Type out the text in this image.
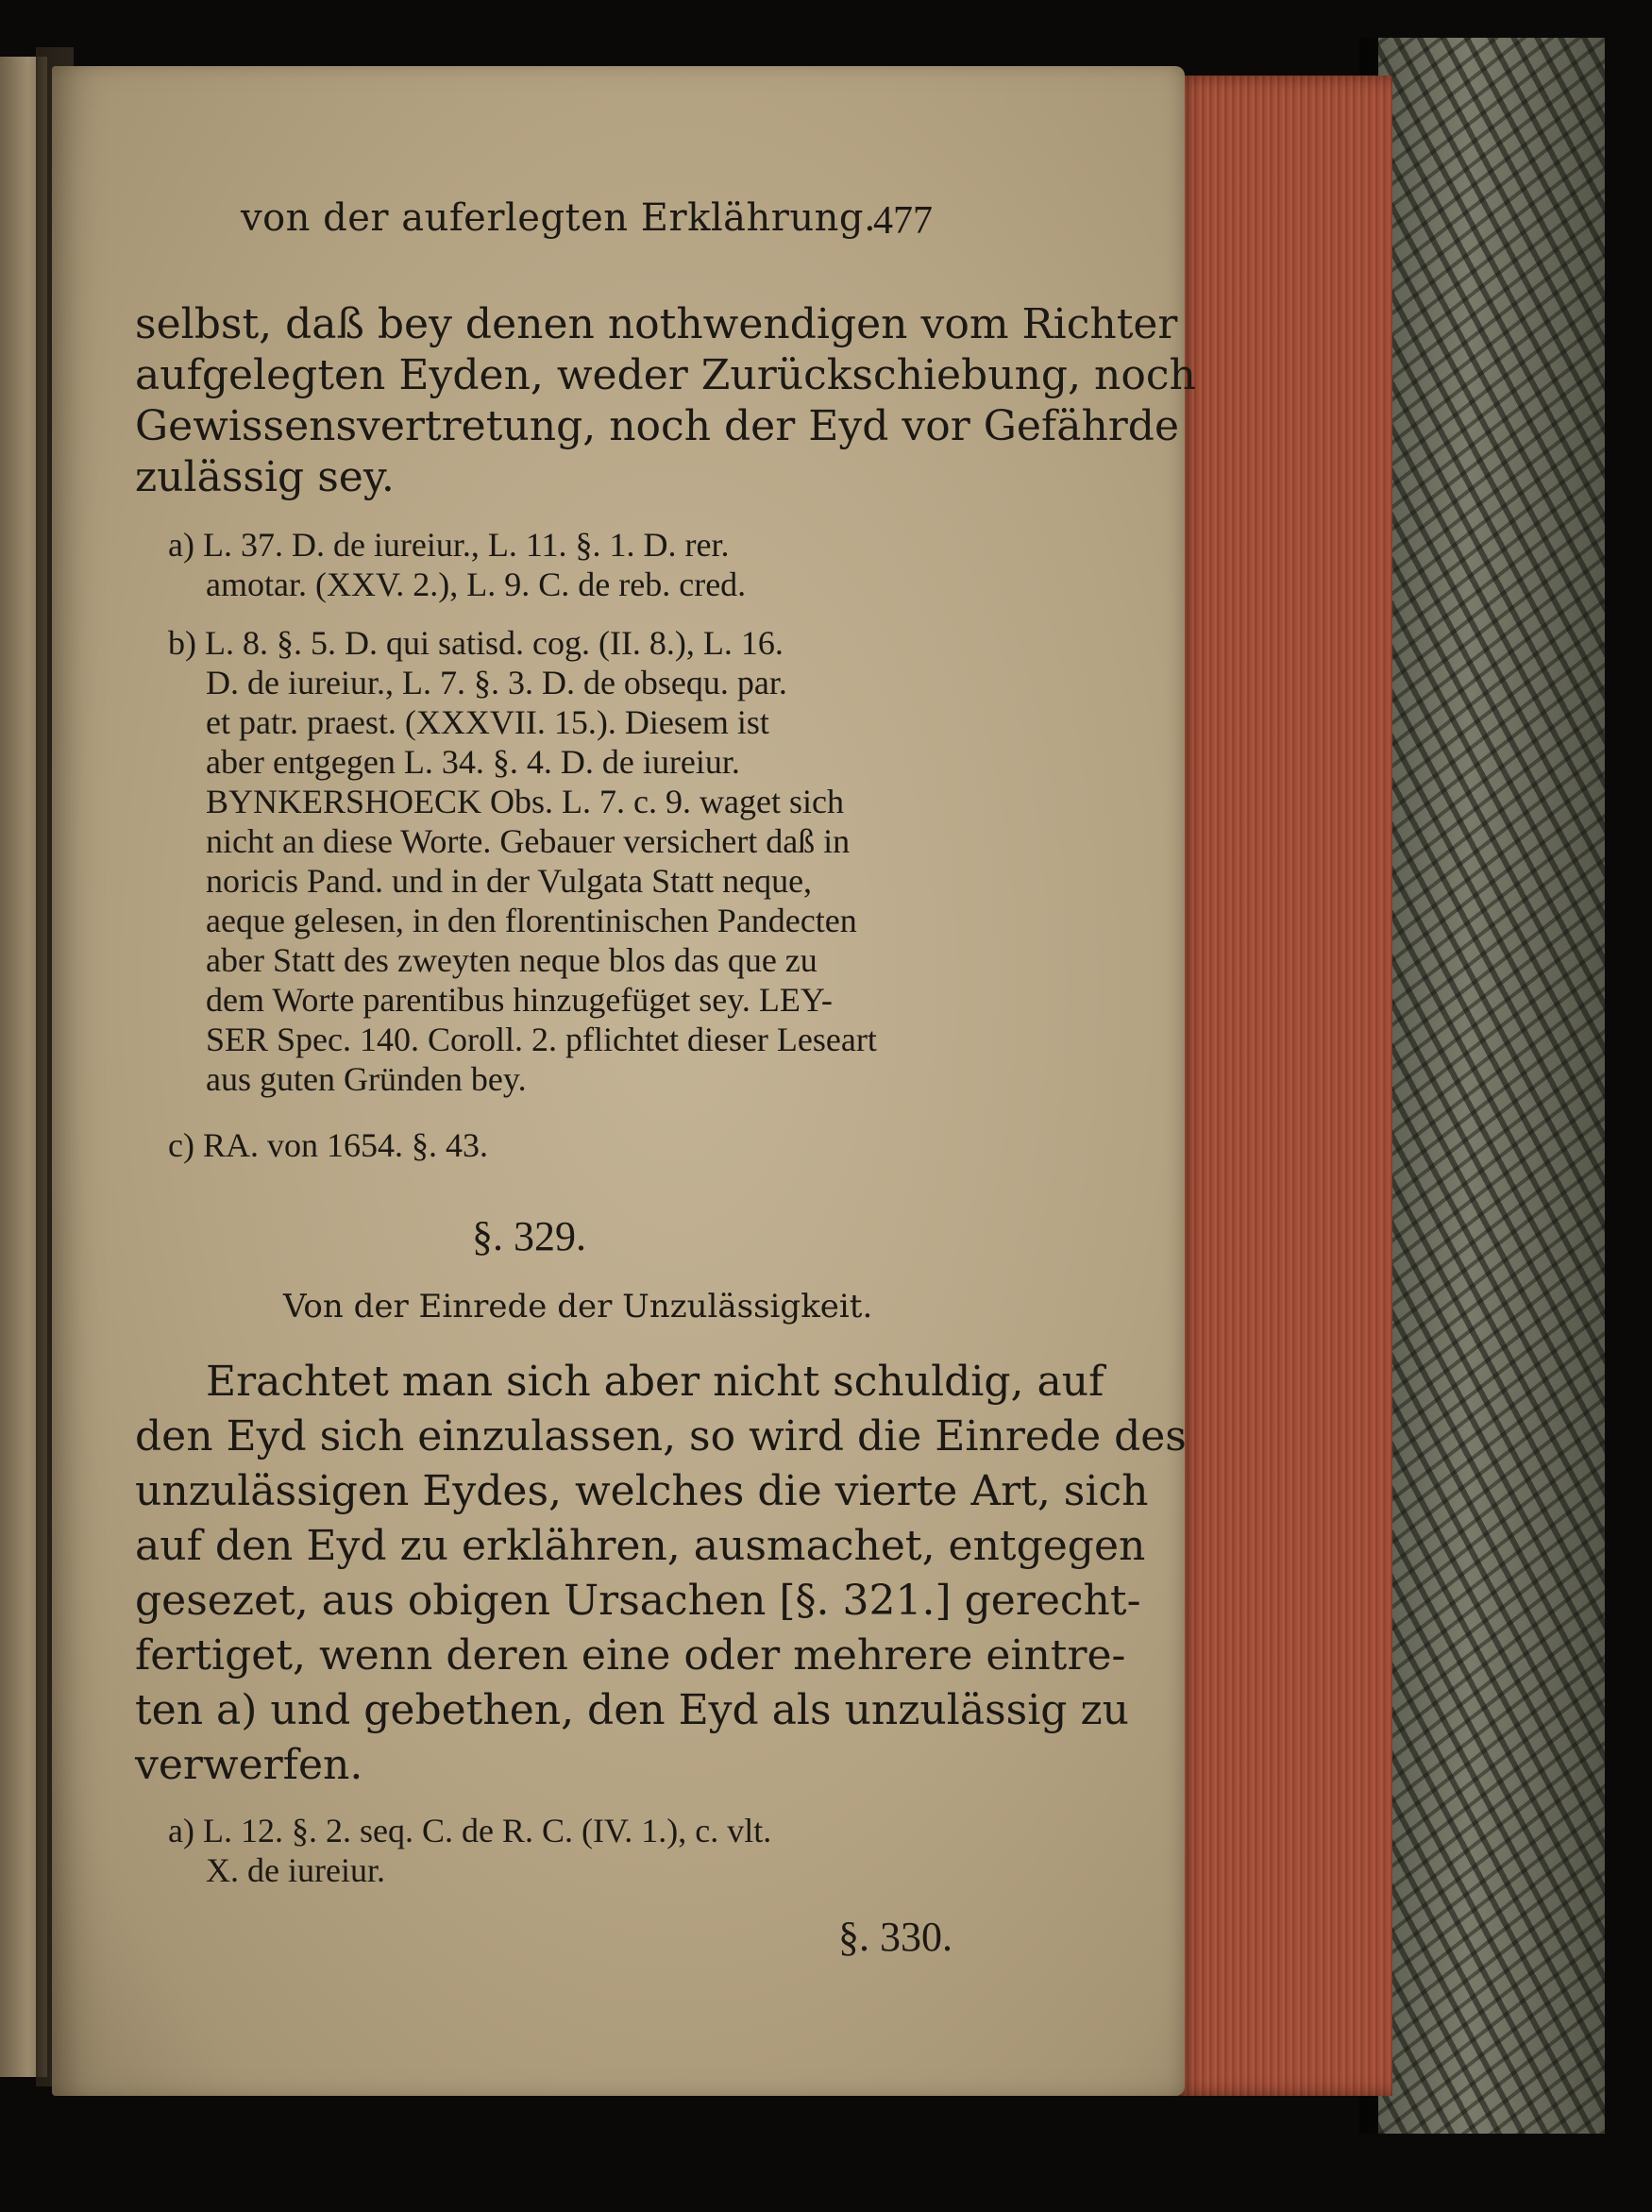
von der auferlegten Erklährung.
477
selbst, daß bey denen nothwendigen vom Richter
aufgelegten Eyden, weder Zurückschiebung, noch
Gewissensvertretung, noch der Eyd vor Gefährde
zulässig sey.
a) L. 37. D. de iureiur., L. 11. §. 1. D. rer.
amotar. (XXV. 2.), L. 9. C. de reb. cred.
b) L. 8. §. 5. D. qui satisd. cog. (II. 8.), L. 16.
D. de iureiur., L. 7. §. 3. D. de obsequ. par.
et patr. praest. (XXXVII. 15.). Diesem ist
aber entgegen L. 34. §. 4. D. de iureiur.
BYNKERSHOECK Obs. L. 7. c. 9. waget sich
nicht an diese Worte. Gebauer versichert daß in
noricis Pand. und in der Vulgata Statt neque,
aeque gelesen, in den florentinischen Pandecten
aber Statt des zweyten neque blos das que zu
dem Worte parentibus hinzugefüget sey. LEY-
SER Spec. 140. Coroll. 2. pflichtet dieser Leseart
aus guten Gründen bey.
c) RA. von 1654. §. 43.
§. 329.
Von der Einrede der Unzulässigkeit.
Erachtet man sich aber nicht schuldig, auf
den Eyd sich einzulassen, so wird die Einrede des
unzulässigen Eydes, welches die vierte Art, sich
auf den Eyd zu erklähren, ausmachet, entgegen
gesezet, aus obigen Ursachen [§. 321.] gerecht-
fertiget, wenn deren eine oder mehrere eintre-
ten a) und gebethen, den Eyd als unzulässig zu
verwerfen.
a) L. 12. §. 2. seq. C. de R. C. (IV. 1.), c. vlt.
X. de iureiur.
§. 330.
